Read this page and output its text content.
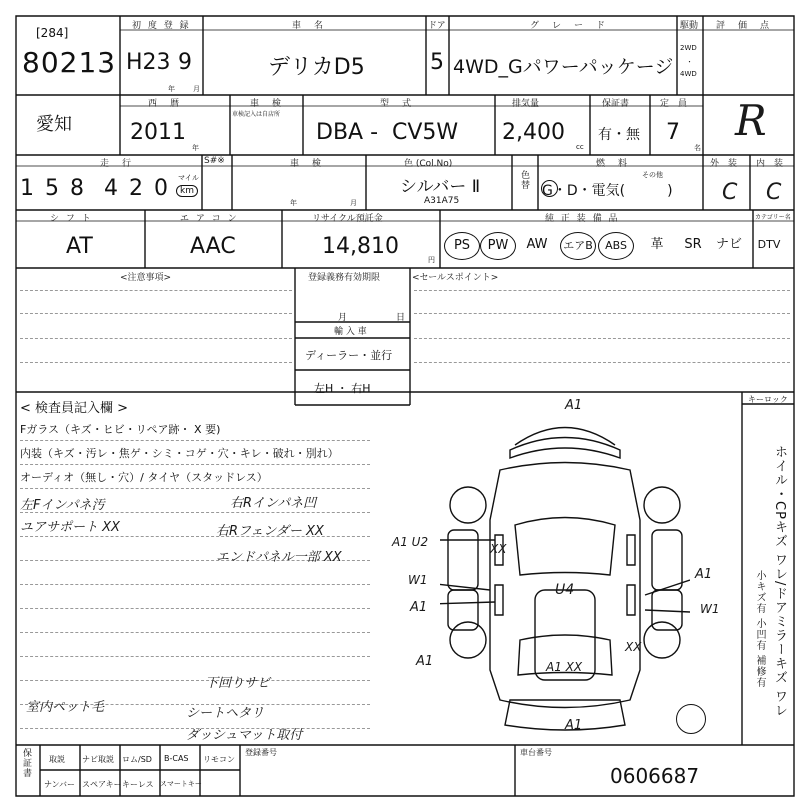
[284]
80213
初 度 登 録
H23 9
年	月
車　名
デリカD5
ドア
5
グ　レ　ー　ド
4WD_Gパワーパッケージ
駆動
2WD
・
4WD
評　価　点
愛知
西　暦
2011
年
車　検
車検記入は自店所
型　式
DBA -  CV5W
排気量
2,400
cc
保証書
有・無
定　員
7
名
R
走　行
1 5 8  4 2 0 マイル
km
S#※	車　検
年	月
色 (Col.No)
シルバー Ⅱ
A31A75
色替
燃　料
その他
G・D・電気(　　　)
外　装 内　装
C C
シ フ ト
AT
エ ア コ ン
AAC
リサイクル預託金
14,810
円
純 正 装 備 品	カテゴリー名
PS	PW	AW	エアB	ABS	革	SR	ナビ	DTV
<注意事項>	登録義務有効期限
月	日
輸 入 車
ディーラー・並行
左H ・ 右H
<セールスポイント>
< 検査員記入欄 >
Fガラス（キズ・ヒビ・リペア跡・ X 要)
内装（キズ・汚レ・焦ゲ・シミ・コゲ・穴・キレ・破れ・別れ）
オーディオ（無し・穴）/ タイヤ（スタッドレス）
左Fインパネ汚
ユアサポート XX
右Rインパネ凹
右Rフェンダー XX
エンドパネル一部 XX
下回りサビ
室内ペット毛	シートヘタリ
ダッシュマット取付
A1
A1 U2	XX
W1
A1
U4
A1
W1
A1
XX
A1 XX
A1
A1
キーロック
ホイル・CPキズ ワレ/ドアミラーキズ ワレ
小キズ有 小凹有 補修有
保証書 取説 ナビ取説 ロム/SD B-CAS リモコン
ナンバー スペアキー キーレス スマートキー
登録番号	車台番号
0606687
